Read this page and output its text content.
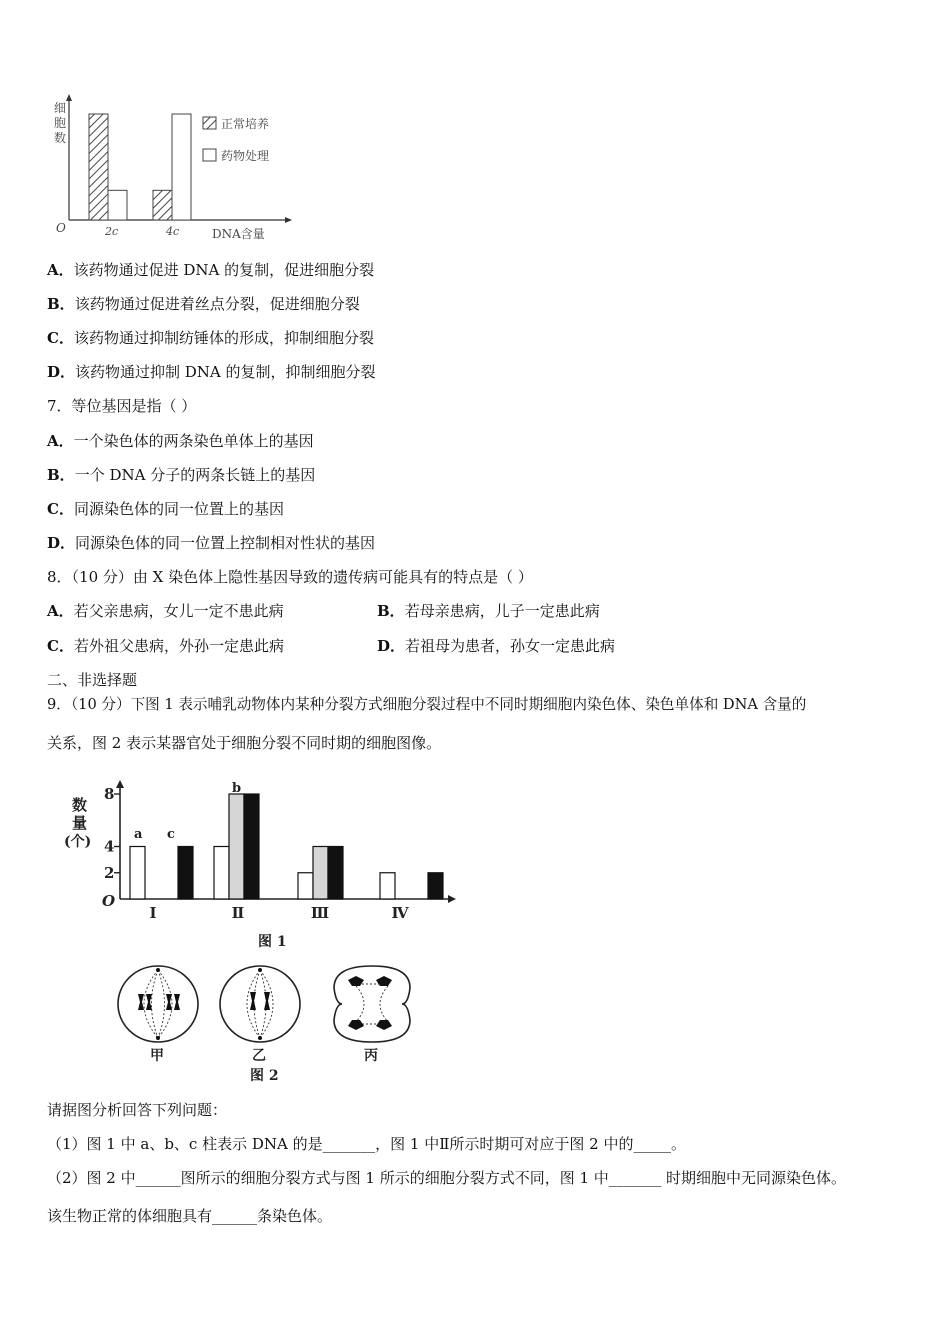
细
胞
数
O	2c	4c	DNA含量
正常培养
药物处理
A．该药物通过促进 DNA 的复制，促进细胞分裂
B．该药物通过促进着丝点分裂，促进细胞分裂
C．该药物通过抑制纺锤体的形成，抑制细胞分裂
D．该药物通过抑制 DNA 的复制，抑制细胞分裂
7．等位基因是指（ ）
A．一个染色体的两条染色单体上的基因
B．一个 DNA 分子的两条长链上的基因
C．同源染色体的同一位置上的基因
D．同源染色体的同一位置上控制相对性状的基因
8．（10 分）由 X 染色体上隐性基因导致的遗传病可能具有的特点是（ ）
A．若父亲患病，女儿一定不患此病	B．若母亲患病，儿子一定患此病
C．若外祖父患病，外孙一定患此病	D．若祖母为患者，孙女一定患此病
二、非选择题
9．（10 分）下图 1 表示哺乳动物体内某种分裂方式细胞分裂过程中不同时期细胞内染色体、染色单体和 DNA 含量的
关系，图 2 表示某器官处于细胞分裂不同时期的细胞图像。
数
量
(个)
O
2
4
8
Ⅰ	Ⅱ	Ⅲ	Ⅳ
a
b
c
图 1
甲	乙	丙
图 2
请据图分析回答下列问题：
（1）图 1 中 a、b、c 柱表示 DNA 的是_______，图 1 中Ⅱ所示时期可对应于图 2 中的_____。
（2）图 2 中______图所示的细胞分裂方式与图 1 所示的细胞分裂方式不同，图 1 中_______ 时期细胞中无同源染色体。
该生物正常的体细胞具有______条染色体。
